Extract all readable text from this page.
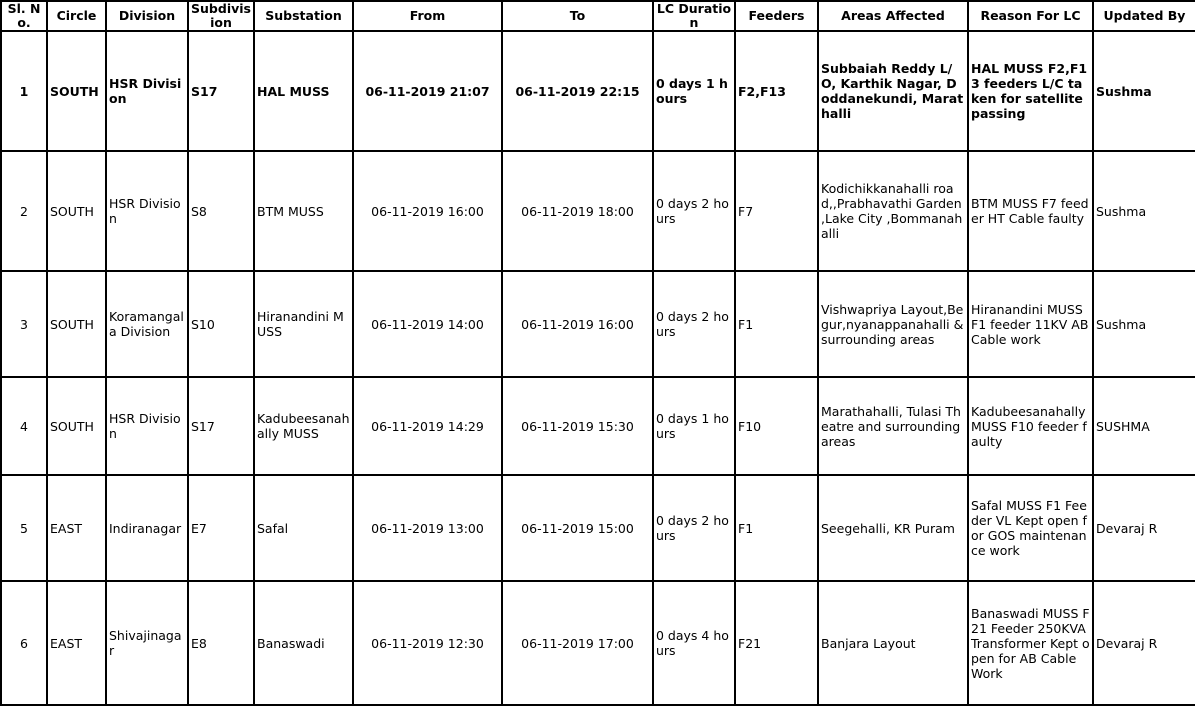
Sl. No.	Circle	Division	Subdivision	Substation	From	To	LC Duration	Feeders	Areas Affected	Reason For LC	Updated By
1	SOUTH	HSR Division	S17	HAL MUSS	06-11-2019 21:07	06-11-2019 22:15	0 days 1 hours	F2,F13	Subbaiah Reddy L/O, Karthik Nagar, Doddanekundi, Marathalli	HAL MUSS F2,F13 feeders L/C taken for satellite passing	Sushma
2	SOUTH	HSR Division	S8	BTM MUSS	06-11-2019 16:00	06-11-2019 18:00	0 days 2 hours	F7	Kodichikkanahalli road,,Prabhavathi Garden ,Lake City ,Bommanahalli	BTM MUSS F7 feeder HT Cable faulty	Sushma
3	SOUTH	Koramangala Division	S10	Hiranandini MUSS	06-11-2019 14:00	06-11-2019 16:00	0 days 2 hours	F1	Vishwapriya Layout,Begur,nyanappanahalli & surrounding areas	Hiranandini MUSS F1 feeder 11KV AB Cable work	Sushma
4	SOUTH	HSR Division	S17	Kadubeesanahally MUSS	06-11-2019 14:29	06-11-2019 15:30	0 days 1 hours	F10	Marathahalli, Tulasi Theatre and surrounding areas	Kadubeesanahally MUSS F10 feeder faulty	SUSHMA
5	EAST	Indiranagar	E7	Safal	06-11-2019 13:00	06-11-2019 15:00	0 days 2 hours	F1	Seegehalli, KR Puram	Safal MUSS F1 Feeder VL Kept open for GOS maintenance work	Devaraj R
6	EAST	Shivajinagar	E8	Banaswadi	06-11-2019 12:30	06-11-2019 17:00	0 days 4 hours	F21	Banjara Layout	Banaswadi MUSS F21 Feeder 250KVA Transformer Kept open for AB Cable Work	Devaraj R
